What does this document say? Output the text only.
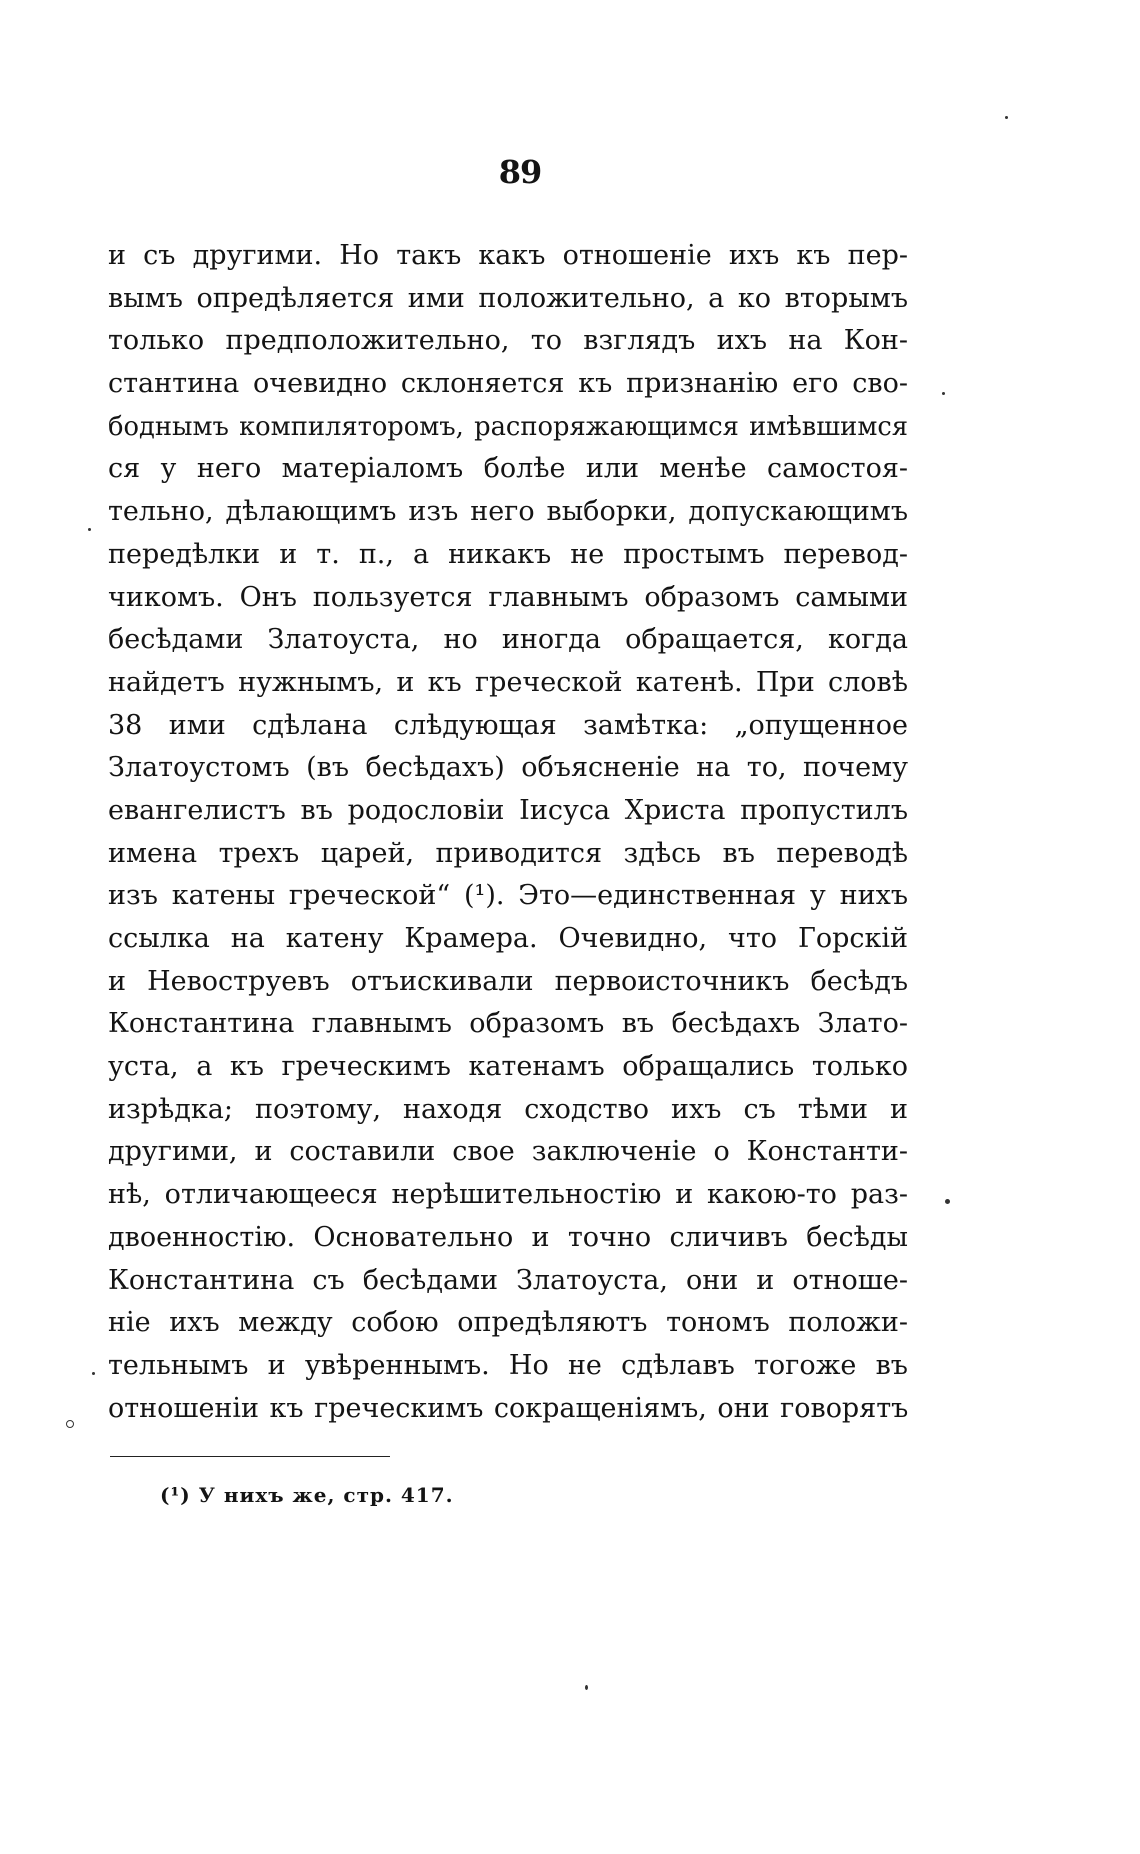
89
и съ другими. Но такъ какъ отношеніе ихъ къ пер-
вымъ опредѣляется ими положительно, а ко вторымъ
только предположительно, то взглядъ ихъ на Кон-
стантина очевидно склоняется къ признанію его сво-
боднымъ компиляторомъ, распоряжающимся имѣвшимся
ся у него матеріаломъ болѣе или менѣе самостоя-
тельно, дѣлающимъ изъ него выборки, допускающимъ
передѣлки и т. п., а никакъ не простымъ перевод-
чикомъ. Онъ пользуется главнымъ образомъ самыми
бесѣдами Златоуста, но иногда обращается, когда
найдетъ нужнымъ, и къ греческой катенѣ. При словѣ
38 ими сдѣлана слѣдующая замѣтка: „опущенное
Златоустомъ (въ бесѣдахъ) объясненіе на то, почему
евангелистъ въ родословіи Іисуса Христа пропустилъ
имена трехъ царей, приводится здѣсь въ переводѣ
изъ катены греческой“ (¹). Это—единственная у нихъ
ссылка на катену Крамера. Очевидно, что Горскій
и Невоструевъ отъискивали первоисточникъ бесѣдъ
Константина главнымъ образомъ въ бесѣдахъ Злато-
уста, а къ греческимъ катенамъ обращались только
изрѣдка; поэтому, находя сходство ихъ съ тѣми и
другими, и составили свое заключеніе о Константи-
нѣ, отличающееся нерѣшительностію и какою-то раз-
двоенностію. Основательно и точно сличивъ бесѣды
Константина съ бесѣдами Златоуста, они и отноше-
ніе ихъ между собою опредѣляютъ тономъ положи-
тельнымъ и увѣреннымъ. Но не сдѣлавъ тогоже въ
отношеніи къ греческимъ сокращеніямъ, они говорятъ
(¹) У нихъ же, стр. 417.
